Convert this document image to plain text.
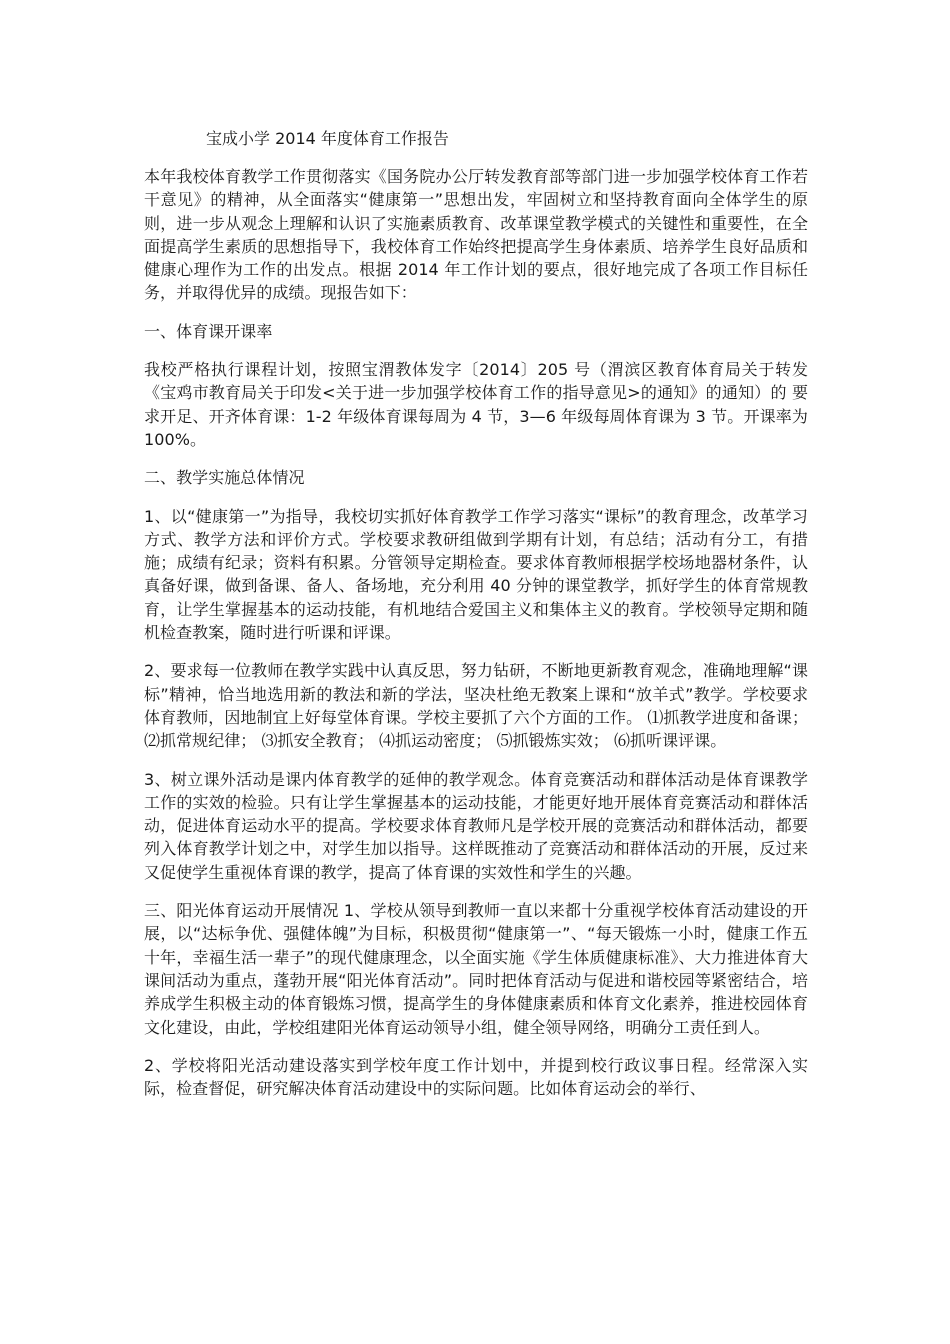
宝成小学 2014 年度体育工作报告

本年我校体育教学工作贯彻落实《国务院办公厅转发教育部等部门进一步加强学校体育工作若干意见》的精神，从全面落实“健康第一”思想出发，牢固树立和坚持教育面向全体学生的原则，进一步从观念上理解和认识了实施素质教育、改革课堂教学模式的关键性和重要性，在全面提高学生素质的思想指导下，我校体育工作始终把提高学生身体素质、培养学生良好品质和健康心理作为工作的出发点。根据 2014 年工作计划的要点，很好地完成了各项工作目标任务，并取得优异的成绩。现报告如下：

一、体育课开课率

我校严格执行课程计划，按照宝渭教体发字〔2014〕205 号（渭滨区教育体育局关于转发《宝鸡市教育局关于印发<关于进一步加强学校体育工作的指导意见>的通知》的通知）的 要求开足、开齐体育课：1-2 年级体育课每周为 4 节，3—6 年级每周体育课为 3 节。开课率为 100%。

二、教学实施总体情况

1、以“健康第一”为指导，我校切实抓好体育教学工作学习落实“课标”的教育理念，改革学习方式、教学方法和评价方式。学校要求教研组做到学期有计划，有总结；活动有分工，有措施；成绩有纪录；资料有积累。分管领导定期检查。要求体育教师根据学校场地器材条件，认真备好课，做到备课、备人、备场地，充分利用 40 分钟的课堂教学，抓好学生的体育常规教育，让学生掌握基本的运动技能，有机地结合爱国主义和集体主义的教育。学校领导定期和随机检查教案，随时进行听课和评课。

2、要求每一位教师在教学实践中认真反思，努力钻研，不断地更新教育观念，准确地理解“课标”精神，恰当地选用新的教法和新的学法，坚决杜绝无教案上课和“放羊式”教学。学校要求体育教师，因地制宜上好每堂体育课。学校主要抓了六个方面的工作。 ⑴抓教学进度和备课； ⑵抓常规纪律； ⑶抓安全教育； ⑷抓运动密度； ⑸抓锻炼实效； ⑹抓听课评课。

3、树立课外活动是课内体育教学的延伸的教学观念。体育竞赛活动和群体活动是体育课教学工作的实效的检验。只有让学生掌握基本的运动技能，才能更好地开展体育竞赛活动和群体活动，促进体育运动水平的提高。学校要求体育教师凡是学校开展的竞赛活动和群体活动，都要列入体育教学计划之中，对学生加以指导。这样既推动了竞赛活动和群体活动的开展，反过来又促使学生重视体育课的教学，提高了体育课的实效性和学生的兴趣。

三、阳光体育运动开展情况 1、学校从领导到教师一直以来都十分重视学校体育活动建设的开展，以“达标争优、强健体魄”为目标，积极贯彻“健康第一”、“每天锻炼一小时，健康工作五十年，幸福生活一辈子”的现代健康理念，以全面实施《学生体质健康标准》、大力推进体育大课间活动为重点，蓬勃开展“阳光体育活动”。同时把体育活动与促进和谐校园等紧密结合，培养成学生积极主动的体育锻炼习惯，提高学生的身体健康素质和体育文化素养，推进校园体育文化建设，由此，学校组建阳光体育运动领导小组，健全领导网络，明确分工责任到人。

2、学校将阳光活动建设落实到学校年度工作计划中，并提到校行政议事日程。经常深入实际，检查督促，研究解决体育活动建设中的实际问题。比如体育运动会的举行、
